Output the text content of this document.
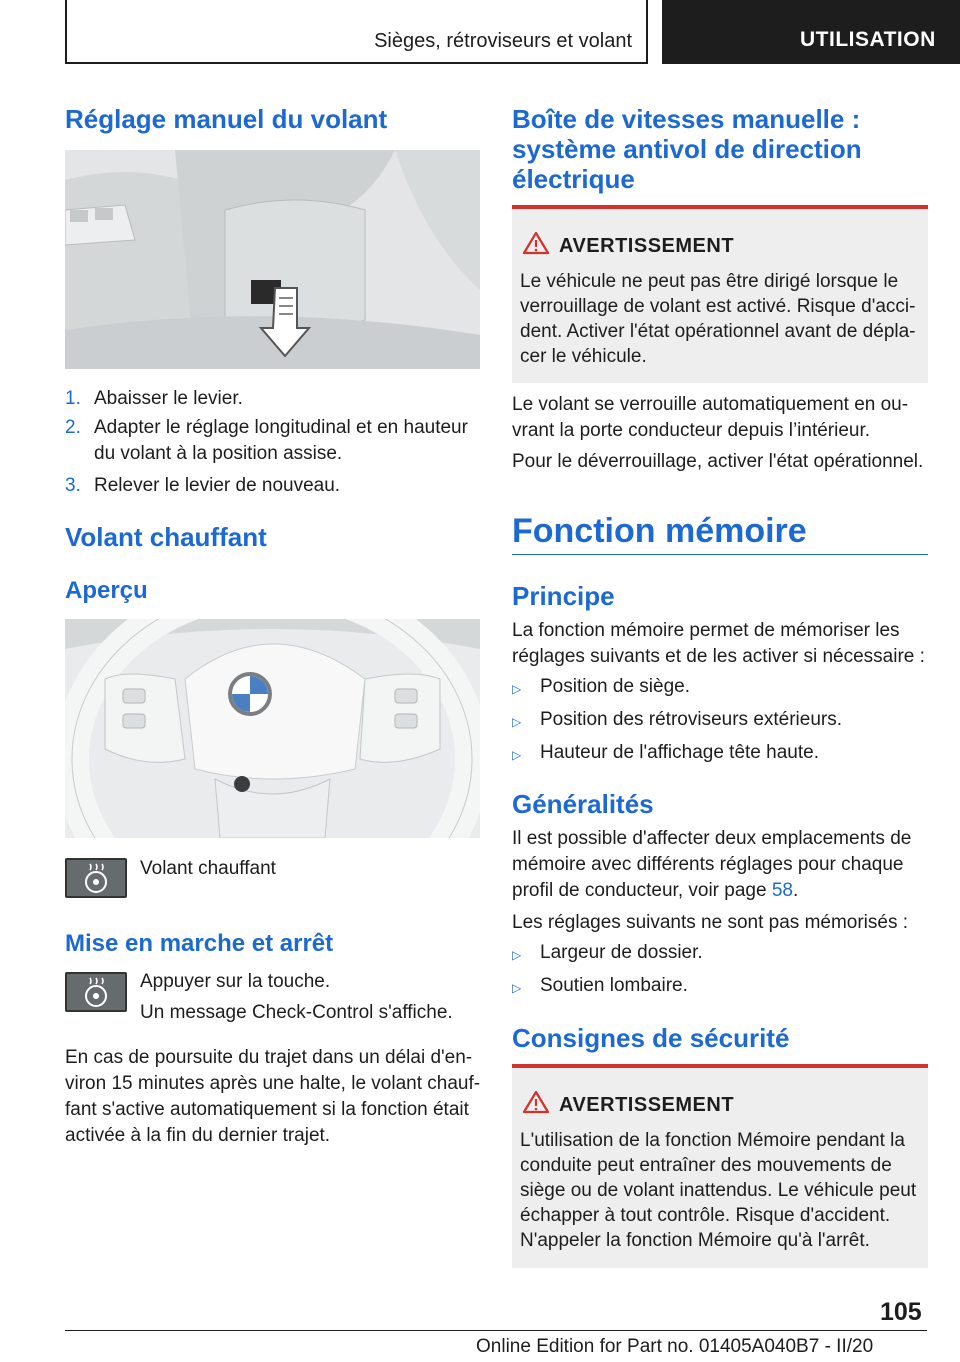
Sièges, rétroviseurs et volant	UTILISATION
Réglage manuel du volant
1. Abaisser le levier.
2. Adapter le réglage longitudinal et en hauteur
du volant à la position assise.
3. Relever le levier de nouveau.
Volant chauffant
Aperçu
Volant chauffant
Mise en marche et arrêt
Appuyer sur la touche.
Un message Check-Control s'affiche.
En cas de poursuite du trajet dans un délai d'en-
viron 15 minutes après une halte, le volant chauf-
fant s'active automatiquement si la fonction était
activée à la fin du dernier trajet.
Boîte de vitesses manuelle :
système antivol de direction
électrique
AVERTISSEMENT
Le véhicule ne peut pas être dirigé lorsque le
verrouillage de volant est activé. Risque d'acci-
dent. Activer l'état opérationnel avant de dépla-
cer le véhicule.
Le volant se verrouille automatiquement en ou-
vrant la porte conducteur depuis l’intérieur.
Pour le déverrouillage, activer l'état opérationnel.
Fonction mémoire
Principe
La fonction mémoire permet de mémoriser les
réglages suivants et de les activer si nécessaire :
▷ Position de siège.
▷ Position des rétroviseurs extérieurs.
▷ Hauteur de l'affichage tête haute.
Généralités
Il est possible d'affecter deux emplacements de
mémoire avec différents réglages pour chaque
profil de conducteur, voir page 58.
Les réglages suivants ne sont pas mémorisés :
▷ Largeur de dossier.
▷ Soutien lombaire.
Consignes de sécurité
AVERTISSEMENT
L'utilisation de la fonction Mémoire pendant la
conduite peut entraîner des mouvements de
siège ou de volant inattendus. Le véhicule peut
échapper à tout contrôle. Risque d'accident.
N'appeler la fonction Mémoire qu'à l'arrêt.
105
Online Edition for Part no. 01405A040B7 - II/20
